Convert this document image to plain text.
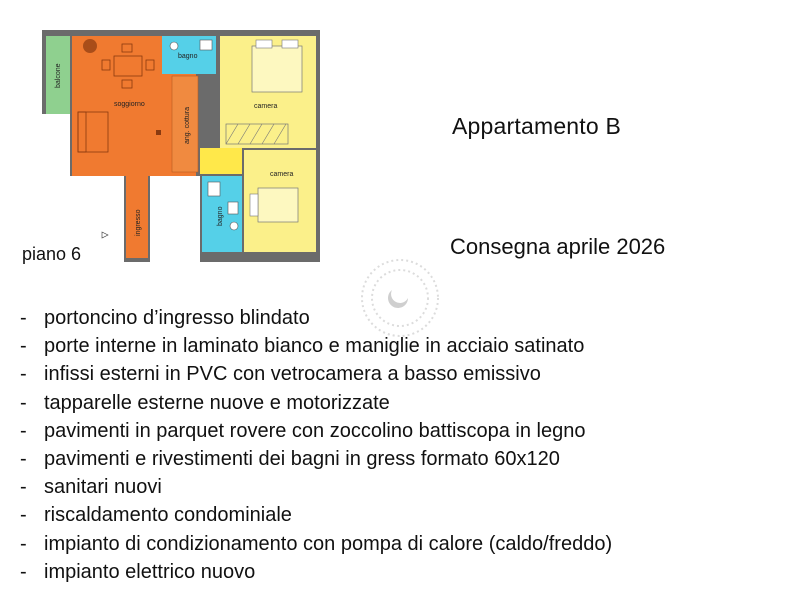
balcone
soggiorno
bagno
ang. cottura
camera
camera
bagno
ingresso
Appartamento B
Consegna aprile 2026
piano 6
- portoncino d’ingresso blindato
- porte interne in laminato bianco e maniglie in acciaio satinato
- infissi esterni in PVC con vetrocamera a basso emissivo
- tapparelle esterne nuove e motorizzate
- pavimenti in parquet rovere con zoccolino battiscopa in legno
- pavimenti e rivestimenti dei bagni in gress formato 60x120
- sanitari nuovi
- riscaldamento condominiale
- impianto di condizionamento con pompa di calore (caldo/freddo)
- impianto elettrico nuovo
